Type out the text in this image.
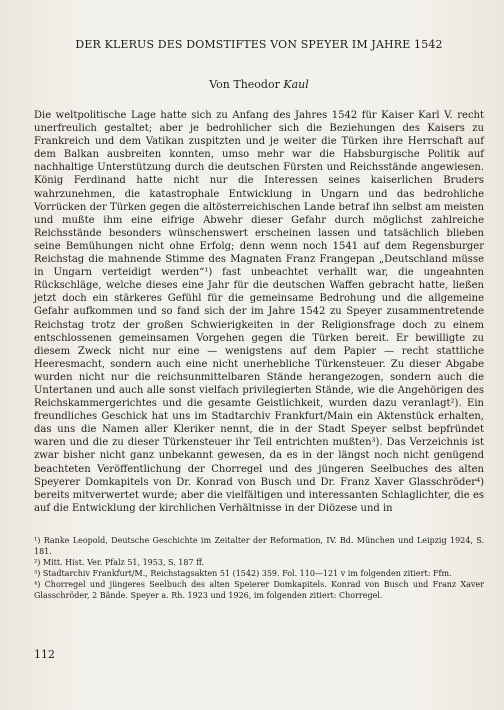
DER KLERUS DES DOMSTIFTES VON SPEYER IM JAHRE 1542
Von Theodor Kaul

Die weltpolitische Lage hatte sich zu Anfang des Jahres 1542 für Kaiser Karl V. recht unerfreulich gestaltet; aber je bedrohlicher sich die Beziehungen des Kaisers zu Frankreich und dem Vatikan zuspitzten und je weiter die Türken ihre Herrschaft auf dem Balkan ausbreiten konnten, umso mehr war die Habsburgische Politik auf nachhaltige Unterstützung durch die deutschen Fürsten und Reichsstände angewiesen. König Ferdinand hatte nicht nur die Interessen seines kaiserlichen Bruders wahrzunehmen, die katastrophale Entwicklung in Ungarn und das bedrohliche Vorrücken der Türken gegen die altösterreichischen Lande betraf ihn selbst am meisten und mußte ihm eine eifrige Abwehr dieser Gefahr durch möglichst zahlreiche Reichsstände besonders wünschenswert erscheinen lassen und tatsächlich blieben seine Bemühungen nicht ohne Erfolg; denn wenn noch 1541 auf dem Regensburger Reichstag die mahnende Stimme des Magnaten Franz Frangepan „Deutschland müsse in Ungarn verteidigt werden“¹) fast unbeachtet verhallt war, die ungeahnten Rückschläge, welche dieses eine Jahr für die deutschen Waffen gebracht hatte, ließen jetzt doch ein stärkeres Gefühl für die gemeinsame Bedrohung und die allgemeine Gefahr aufkommen und so fand sich der im Jahre 1542 zu Speyer zusammentretende Reichstag trotz der großen Schwierigkeiten in der Religionsfrage doch zu einem entschlossenen gemeinsamen Vorgehen gegen die Türken bereit. Er bewilligte zu diesem Zweck nicht nur eine — wenigstens auf dem Papier — recht stattliche Heeresmacht, sondern auch eine nicht unerhebliche Türkensteuer. Zu dieser Abgabe wurden nicht nur die reichsunmittelbaren Stände herangezogen, sondern auch die Untertanen und auch alle sonst vielfach privilegierten Stände, wie die Angehörigen des Reichskammergerichtes und die gesamte Geistlichkeit, wurden dazu veranlagt²). Ein freundliches Geschick hat uns im Stadtarchiv Frankfurt/Main ein Aktenstück erhalten, das uns die Namen aller Kleriker nennt, die in der Stadt Speyer selbst bepfründet waren und die zu dieser Türkensteuer ihr Teil entrichten mußten³). Das Verzeichnis ist zwar bisher nicht ganz unbekannt gewesen, da es in der längst noch nicht genügend beachteten Veröffentlichung der Chorregel und des jüngeren Seelbuches des alten Speyerer Domkapitels von Dr. Konrad von Busch und Dr. Franz Xaver Glasschröder⁴) bereits mitverwertet wurde; aber die vielfältigen und interessanten Schlaglichter, die es auf die Entwicklung der kirchlichen Verhältnisse in der Diözese und in

¹) Ranke Leopold, Deutsche Geschichte im Zeitalter der Reformation, IV. Bd. München und Leipzig 1924, S. 181.

²) Mitt. Hist. Ver. Pfalz 51, 1953, S. 187 ff.

³) Stadtarchiv Frankfurt/M., Reichstagsakten 51 (1542) 359. Fol. 110—121 v im folgenden zitiert: Ffm.

⁴) Chorregel und jüngeres Seelbuch des alten Speierer Domkapitels. Konrad von Busch und Franz Xaver Glasschröder, 2 Bände. Speyer a. Rh. 1923 und 1926, im folgenden zitiert: Chorregel.

112
